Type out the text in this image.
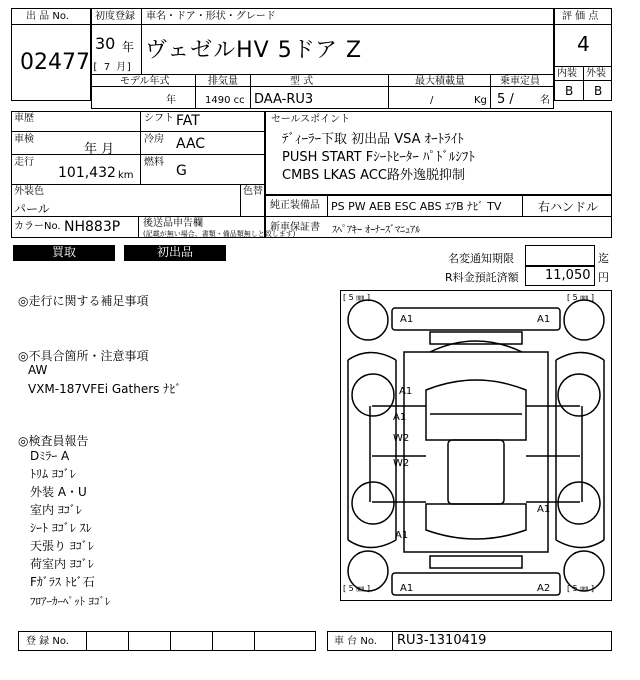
出 品 No.
02477
初度登録 車名・ドア・形状・グレード
30 年
[ 7 月]
ヴェゼルHV 5ドア Z
モデル年式
年
排気量
1490 cc
型 式
DAA-RU3
最大積載量
/	Kg
乗車定員
5 /	名
評 価 点
4
内装 外装
B B
車歴	シフト FAT
車検
年 月
冷房 AAC
走行
101,432 km
燃料
G
外装色
パール
色替
カラーNo. NH883P 後送品申告欄
(記載が無い場合、書類・備品類無しと致します)
セールスポイント
ﾃﾞｨｰﾗｰ下取 初出品 VSA ｵｰﾄﾗｲﾄ
PUSH START Fｼｰﾄﾋｰﾀｰ ﾊﾟﾄﾞﾙｼﾌﾄ
CMBS LKAS ACC路外逸脱抑制
純正装備品 PS PW AEB ESC ABS ｴｱB ﾅﾋﾞ TV	右ハンドル
新車保証書 ｽﾍﾟｱｷｰ ｵｰﾅｰｽﾞﾏﾆｭｱﾙ
買取	初出品	名変通知期限	迄
R料金預託済額 11,050 円
◎走行に関する補足事項
◎不具合箇所・注意事項
AW
VXM-187VFEi Gathers ﾅﾋﾞ
◎検査員報告
Dﾐﾗｰ A
ﾄﾘﾑ ﾖｺﾞﾚ
外装 A・U
室内 ﾖｺﾞﾚ
ｼｰﾄ ﾖｺﾞﾚ ｽﾚ
天張り ﾖｺﾞﾚ
荷室内 ﾖｺﾞﾚ
Fｶﾞﾗｽ ﾄﾋﾞ石
ﾌﾛｱｰｶｰﾍﾟｯﾄ ﾖｺﾞﾚ
[ 5 ㎜ ]	[ 5 ㎜ ]
[ 5 ㎜ ]	[ 5 ㎜ ]
A1	A1
A1
A1
W2
W2
A1
A1
A1	A2
登 録 No.	車 台 No. RU3-1310419
